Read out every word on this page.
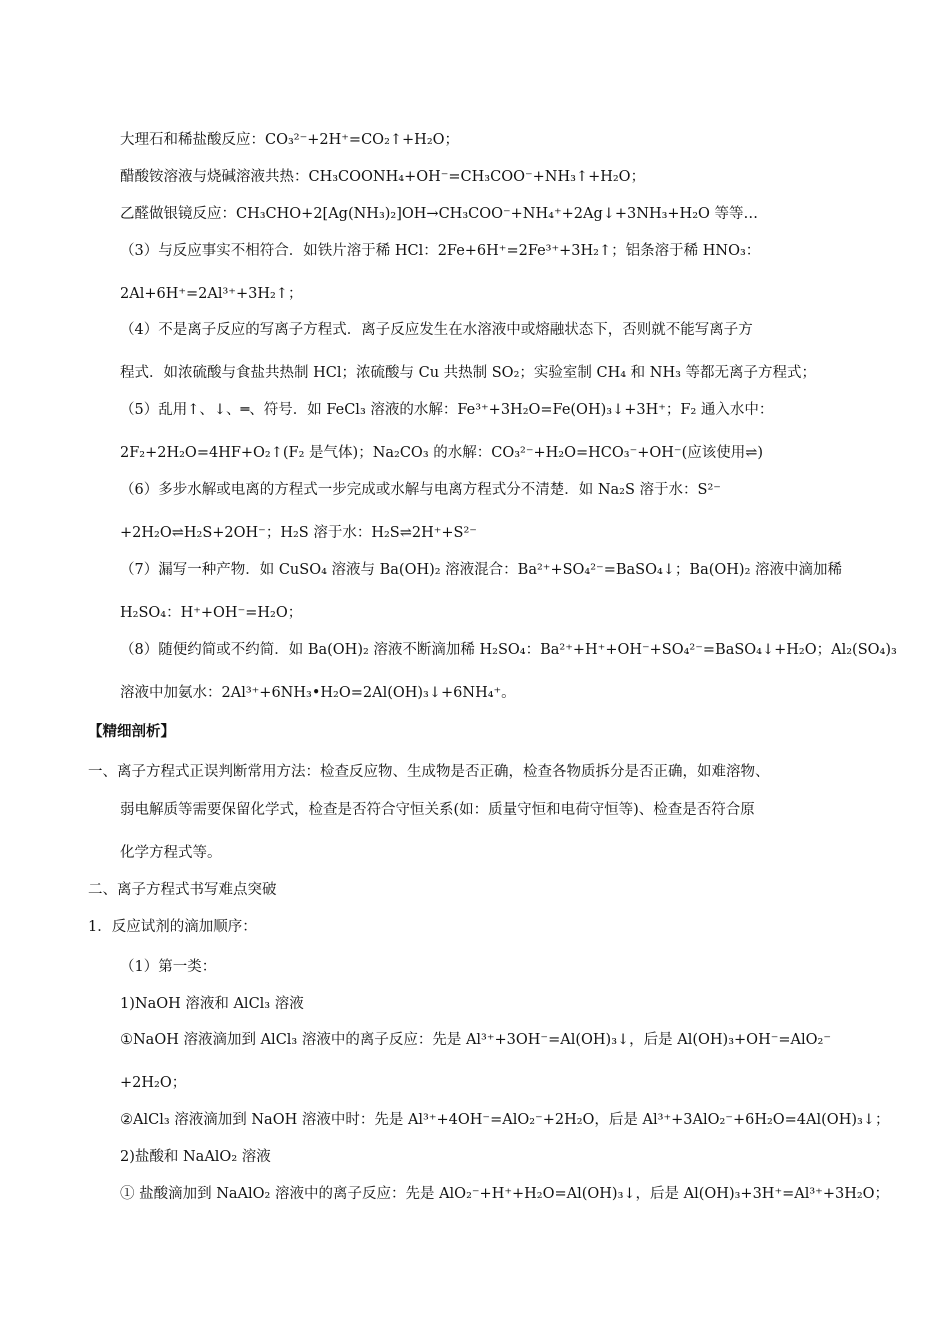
大理石和稀盐酸反应：CO₃²⁻+2H⁺=CO₂↑+H₂O；
醋酸铵溶液与烧碱溶液共热：CH₃COONH₄+OH⁻=CH₃COO⁻+NH₃↑+H₂O；
乙醛做银镜反应：CH₃CHO+2[Ag(NH₃)₂]OH→CH₃COO⁻+NH₄⁺+2Ag↓+3NH₃+H₂O 等等…
（3）与反应事实不相符合．如铁片溶于稀 HCl：2Fe+6H⁺=2Fe³⁺+3H₂↑；铝条溶于稀 HNO₃：
2Al+6H⁺=2Al³⁺+3H₂↑；
（4）不是离子反应的写离子方程式．离子反应发生在水溶液中或熔融状态下，否则就不能写离子方
程式．如浓硫酸与食盐共热制 HCl；浓硫酸与 Cu 共热制 SO₂；实验室制 CH₄ 和 NH₃ 等都无离子方程式；
（5）乱用↑、↓、═、符号．如 FeCl₃ 溶液的水解：Fe³⁺+3H₂O=Fe(OH)₃↓+3H⁺；F₂ 通入水中：
2F₂+2H₂O=4HF+O₂↑(F₂ 是气体)；Na₂CO₃ 的水解：CO₃²⁻+H₂O=HCO₃⁻+OH⁻(应该使用⇌)
（6）多步水解或电离的方程式一步完成或水解与电离方程式分不清楚．如 Na₂S 溶于水：S²⁻
+2H₂O⇌H₂S+2OH⁻；H₂S 溶于水：H₂S⇌2H⁺+S²⁻
（7）漏写一种产物．如 CuSO₄ 溶液与 Ba(OH)₂ 溶液混合：Ba²⁺+SO₄²⁻=BaSO₄↓；Ba(OH)₂ 溶液中滴加稀
H₂SO₄：H⁺+OH⁻=H₂O；
（8）随便约简或不约简．如 Ba(OH)₂ 溶液不断滴加稀 H₂SO₄：Ba²⁺+H⁺+OH⁻+SO₄²⁻=BaSO₄↓+H₂O；Al₂(SO₄)₃
溶液中加氨水：2Al³⁺+6NH₃•H₂O=2Al(OH)₃↓+6NH₄⁺。
【精细剖析】
一、离子方程式正误判断常用方法：检查反应物、生成物是否正确，检查各物质拆分是否正确，如难溶物、
弱电解质等需要保留化学式，检查是否符合守恒关系(如：质量守恒和电荷守恒等)、检查是否符合原
化学方程式等。
二、离子方程式书写难点突破
1．反应试剂的滴加顺序：
（1）第一类：
1)NaOH 溶液和 AlCl₃ 溶液
①NaOH 溶液滴加到 AlCl₃ 溶液中的离子反应：先是 Al³⁺+3OH⁻=Al(OH)₃↓，后是 Al(OH)₃+OH⁻=AlO₂⁻
+2H₂O；
②AlCl₃ 溶液滴加到 NaOH 溶液中时：先是 Al³⁺+4OH⁻=AlO₂⁻+2H₂O，后是 Al³⁺+3AlO₂⁻+6H₂O=4Al(OH)₃↓；
2)盐酸和 NaAlO₂ 溶液
① 盐酸滴加到 NaAlO₂ 溶液中的离子反应：先是 AlO₂⁻+H⁺+H₂O=Al(OH)₃↓，后是 Al(OH)₃+3H⁺=Al³⁺+3H₂O；
